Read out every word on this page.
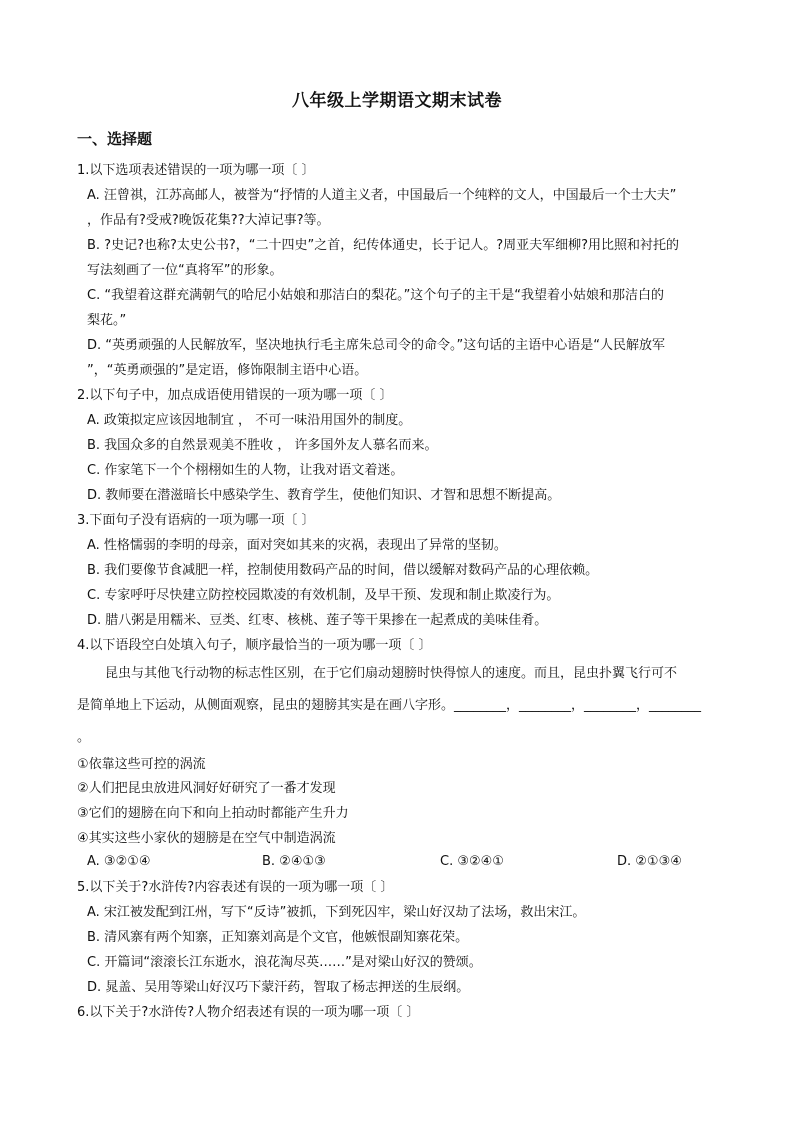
八年级上学期语文期末试卷
一、选择题
1.以下选项表述错误的一项为哪一项〔 〕
A. 汪曾祺，江苏高邮人，被誉为“抒情的人道主义者，中国最后一个纯粹的文人，中国最后一个士大夫”
，作品有?受戒?晚饭花集??大淖记事?等。
B. ?史记?也称?太史公书?，“二十四史”之首，纪传体通史，长于记人。?周亚夫军细柳?用比照和衬托的
写法刻画了一位“真将军”的形象。
C. “我望着这群充满朝气的哈尼小姑娘和那洁白的梨花。”这个句子的主干是“我望着小姑娘和那洁白的
梨花。”
D. “英勇顽强的人民解放军，坚决地执行毛主席朱总司令的命令。”这句话的主语中心语是“人民解放军
”，“英勇顽强的”是定语，修饰限制主语中心语。
2.以下句子中，加点成语使用错误的一项为哪一项〔 〕
A. 政策拟定应该因地制宜 ， 不可一味沿用国外的制度。
B. 我国众多的自然景观美不胜收 ， 许多国外友人慕名而来。
C. 作家笔下一个个栩栩如生的人物，让我对语文着迷。
D. 教师要在潜滋暗长中感染学生、教育学生，使他们知识、才智和思想不断提高。
3.下面句子没有语病的一项为哪一项〔 〕
A. 性格懦弱的李明的母亲，面对突如其来的灾祸，表现出了异常的坚韧。
B. 我们要像节食减肥一样，控制使用数码产品的时间，借以缓解对数码产品的心理依赖。
C. 专家呼吁尽快建立防控校园欺凌的有效机制，及早干预、发现和制止欺凌行为。
D. 腊八粥是用糯米、豆类、红枣、核桃、莲子等干果掺在一起煮成的美味佳肴。
4.以下语段空白处填入句子，顺序最恰当的一项为哪一项〔 〕
昆虫与其他飞行动物的标志性区别，在于它们扇动翅膀时快得惊人的速度。而且，昆虫扑翼飞行可不
是简单地上下运动，从侧面观察，昆虫的翅膀其实是在画八字形。________，________，________，________
。
①依靠这些可控的涡流
②人们把昆虫放进风洞好好研究了一番才发现
③它们的翅膀在向下和向上拍动时都能产生升力
④其实这些小家伙的翅膀是在空气中制造涡流
A. ③②①④	B. ②④①③	C. ③②④①	D. ②①③④
5.以下关于?水浒传?内容表述有误的一项为哪一项〔 〕
A. 宋江被发配到江州，写下“反诗”被抓，下到死囚牢，梁山好汉劫了法场，救出宋江。
B. 清风寨有两个知寨，正知寨刘高是个文官，他嫉恨副知寨花荣。
C. 开篇词“滚滚长江东逝水，浪花淘尽英……”是对梁山好汉的赞颂。
D. 晁盖、吴用等梁山好汉巧下蒙汗药，智取了杨志押送的生辰纲。
6.以下关于?水浒传?人物介绍表述有误的一项为哪一项〔 〕
